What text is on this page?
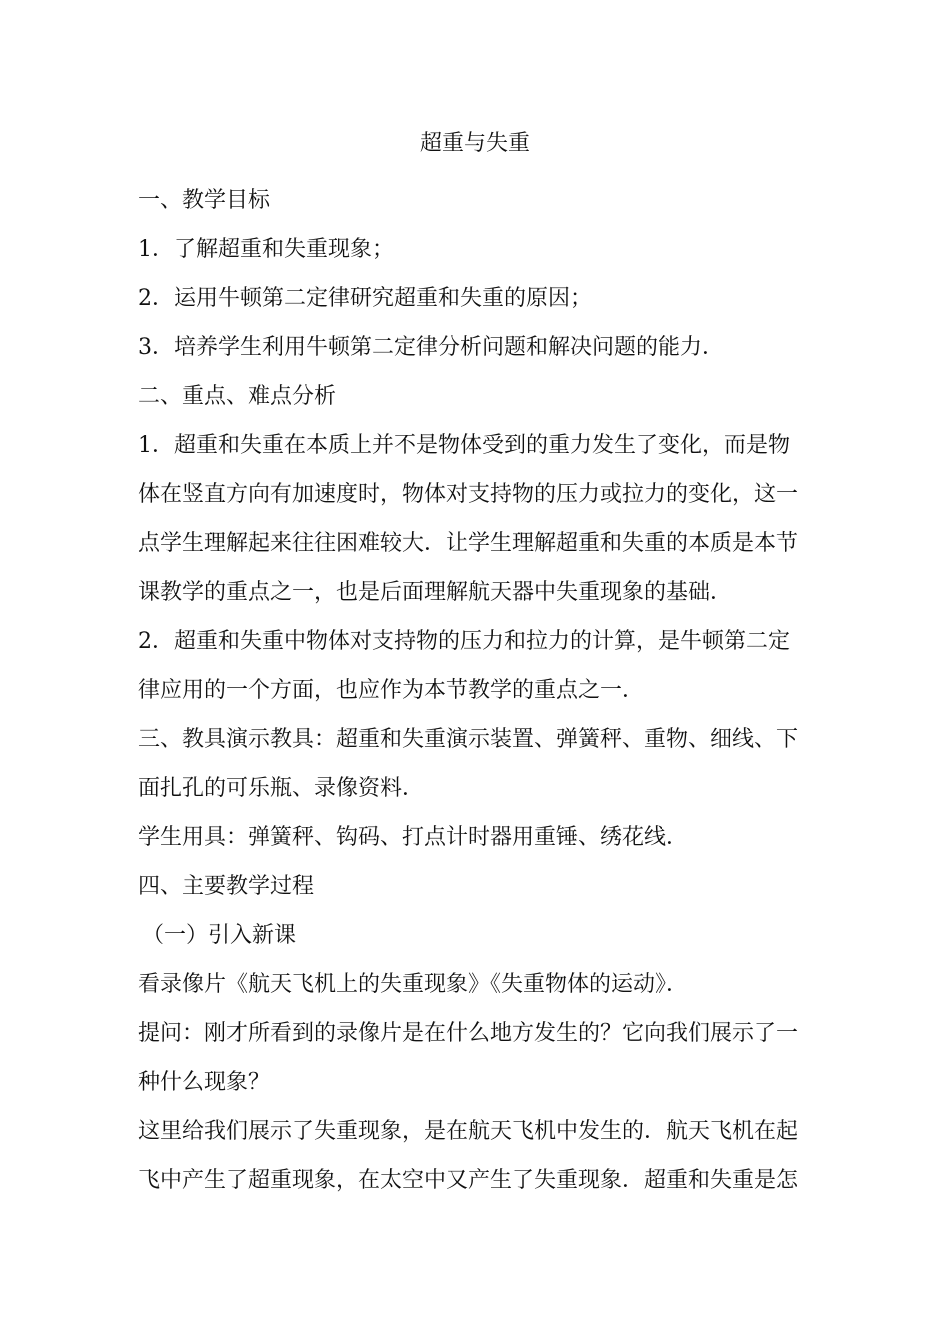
超重与失重

一、教学目标

1．了解超重和失重现象；

2．运用牛顿第二定律研究超重和失重的原因；

3．培养学生利用牛顿第二定律分析问题和解决问题的能力．

二、重点、难点分析

1．超重和失重在本质上并不是物体受到的重力发生了变化，而是物

体在竖直方向有加速度时，物体对支持物的压力或拉力的变化，这一

点学生理解起来往往困难较大．让学生理解超重和失重的本质是本节

课教学的重点之一，也是后面理解航天器中失重现象的基础．

2．超重和失重中物体对支持物的压力和拉力的计算，是牛顿第二定

律应用的一个方面，也应作为本节教学的重点之一．

三、教具演示教具：超重和失重演示装置、弹簧秤、重物、细线、下

面扎孔的可乐瓶、录像资料．

学生用具：弹簧秤、钩码、打点计时器用重锤、绣花线．

四、主要教学过程

（一）引入新课

看录像片《航天飞机上的失重现象》《失重物体的运动》．

提问：刚才所看到的录像片是在什么地方发生的？它向我们展示了一

种什么现象？

这里给我们展示了失重现象，是在航天飞机中发生的．航天飞机在起

飞中产生了超重现象，在太空中又产生了失重现象．超重和失重是怎
